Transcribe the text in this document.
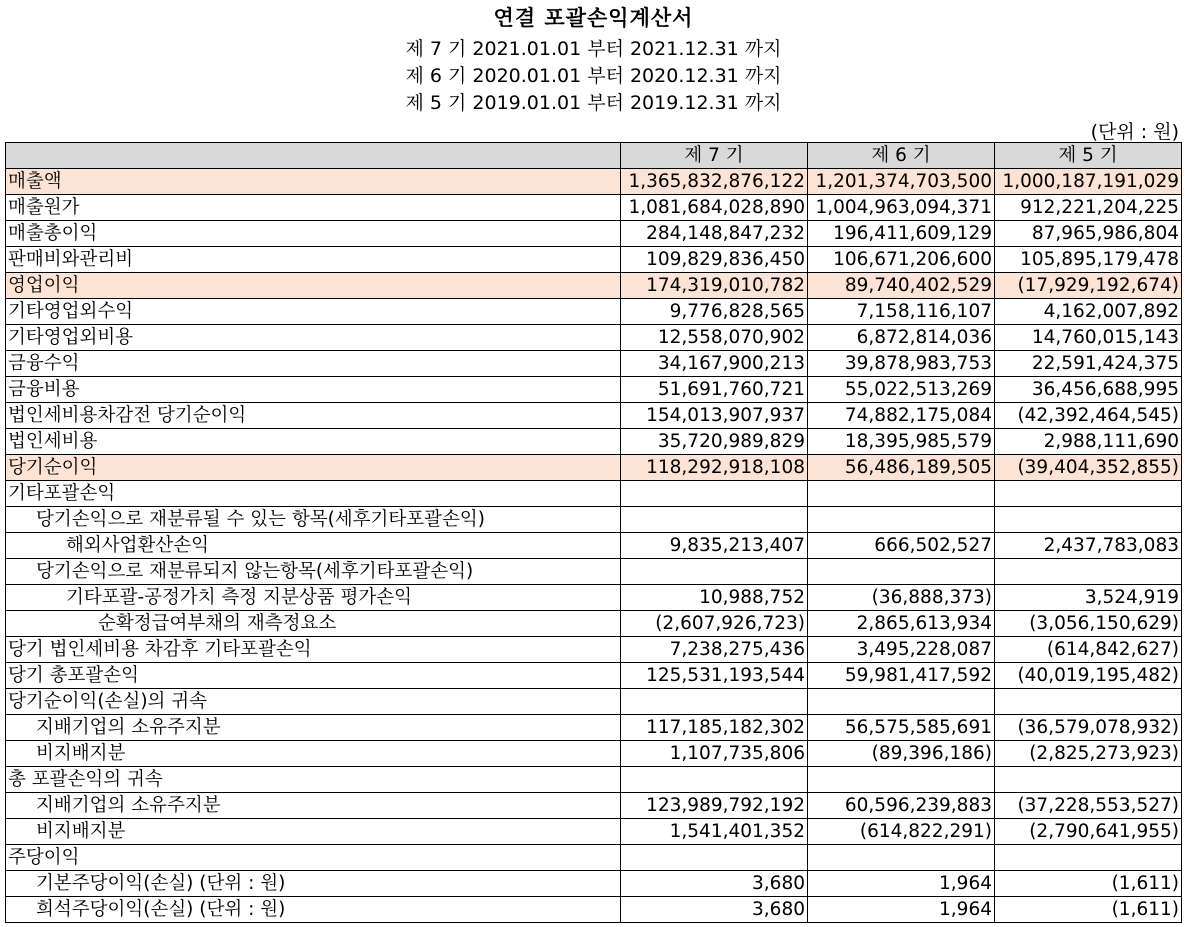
연결 포괄손익계산서
제 7 기 2021.01.01 부터 2021.12.31 까지
제 6 기 2020.01.01 부터 2020.12.31 까지
제 5 기 2019.01.01 부터 2019.12.31 까지
(단위 : 원)
	제 7 기	제 6 기	제 5 기
매출액	1,365,832,876,122	1,201,374,703,500	1,000,187,191,029
매출원가	1,081,684,028,890	1,004,963,094,371	912,221,204,225
매출총이익	284,148,847,232	196,411,609,129	87,965,986,804
판매비와관리비	109,829,836,450	106,671,206,600	105,895,179,478
영업이익	174,319,010,782	89,740,402,529	(17,929,192,674)
기타영업외수익	9,776,828,565	7,158,116,107	4,162,007,892
기타영업외비용	12,558,070,902	6,872,814,036	14,760,015,143
금융수익	34,167,900,213	39,878,983,753	22,591,424,375
금융비용	51,691,760,721	55,022,513,269	36,456,688,995
법인세비용차감전 당기순이익	154,013,907,937	74,882,175,084	(42,392,464,545)
법인세비용	35,720,989,829	18,395,985,579	2,988,111,690
당기순이익	118,292,918,108	56,486,189,505	(39,404,352,855)
기타포괄손익			
당기손익으로 재분류될 수 있는 항목(세후기타포괄손익)			
해외사업환산손익	9,835,213,407	666,502,527	2,437,783,083
당기손익으로 재분류되지 않는항목(세후기타포괄손익)			
기타포괄-공정가치 측정 지분상품 평가손익	10,988,752	(36,888,373)	3,524,919
순확정급여부채의 재측정요소	(2,607,926,723)	2,865,613,934	(3,056,150,629)
당기 법인세비용 차감후 기타포괄손익	7,238,275,436	3,495,228,087	(614,842,627)
당기 총포괄손익	125,531,193,544	59,981,417,592	(40,019,195,482)
당기순이익(손실)의 귀속			
지배기업의 소유주지분	117,185,182,302	56,575,585,691	(36,579,078,932)
비지배지분	1,107,735,806	(89,396,186)	(2,825,273,923)
총 포괄손익의 귀속			
지배기업의 소유주지분	123,989,792,192	60,596,239,883	(37,228,553,527)
비지배지분	1,541,401,352	(614,822,291)	(2,790,641,955)
주당이익			
기본주당이익(손실) (단위 : 원)	3,680	1,964	(1,611)
희석주당이익(손실) (단위 : 원)	3,680	1,964	(1,611)
